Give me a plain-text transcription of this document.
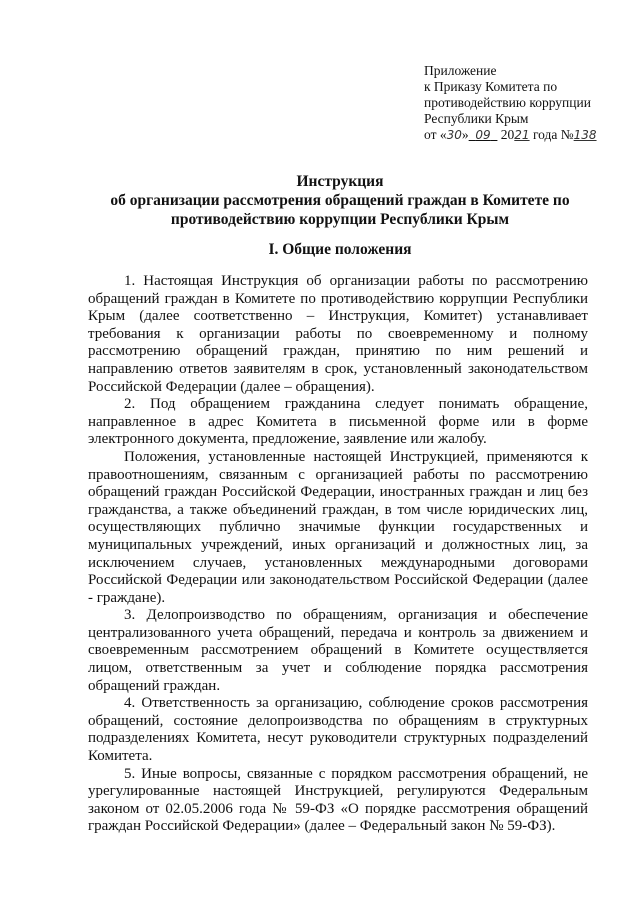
Приложение
к Приказу Комитета по
противодействию коррупции
Республики Крым
от «30» 09 2021 года №138
Инструкция
об организации рассмотрения обращений граждан в Комитете по
противодействию коррупции Республики Крым
I. Общие положения

1. Настоящая Инструкция об организации работы по рассмотрению обращений граждан в Комитете по противодействию коррупции Республики Крым (далее соответственно – Инструкция, Комитет) устанавливает требования к организации работы по своевременному и полному рассмотрению обращений граждан, принятию по ним решений и направлению ответов заявителям в срок, установленный законодательством Российской Федерации (далее – обращения).

2. Под обращением гражданина следует понимать обращение, направленное в адрес Комитета в письменной форме или в форме электронного документа, предложение, заявление или жалобу.

Положения, установленные настоящей Инструкцией, применяются к правоотношениям, связанным с организацией работы по рассмотрению обращений граждан Российской Федерации, иностранных граждан и лиц без гражданства, а также объединений граждан, в том числе юридических лиц, осуществляющих публично значимые функции государственных и муниципальных учреждений, иных организаций и должностных лиц, за исключением случаев, установленных международными договорами Российской Федерации или законодательством Российской Федерации (далее - граждане).

3. Делопроизводство по обращениям, организация и обеспечение централизованного учета обращений, передача и контроль за движением и своевременным рассмотрением обращений в Комитете осуществляется лицом, ответственным за учет и соблюдение порядка рассмотрения обращений граждан.

4. Ответственность за организацию, соблюдение сроков рассмотрения обращений, состояние делопроизводства по обращениям в структурных подразделениях Комитета, несут руководители структурных подразделений Комитета.

5. Иные вопросы, связанные с порядком рассмотрения обращений, не урегулированные настоящей Инструкцией, регулируются Федеральным законом от 02.05.2006 года № 59-ФЗ «О порядке рассмотрения обращений граждан Российской Федерации» (далее – Федеральный закон № 59-ФЗ).
